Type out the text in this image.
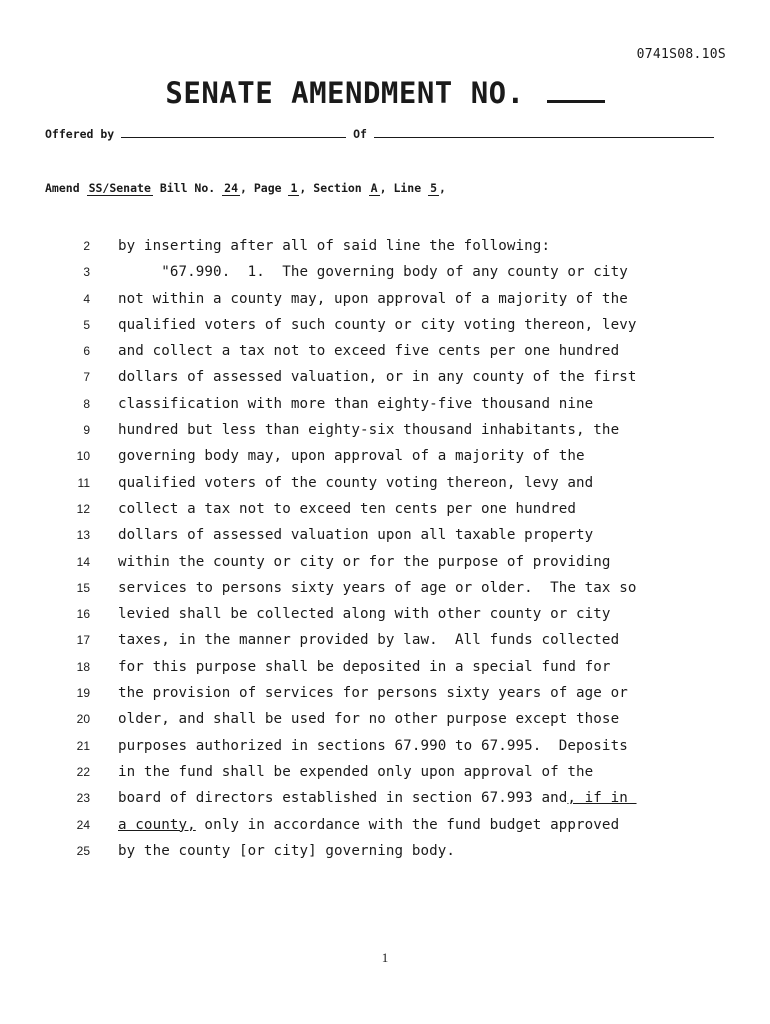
0741S08.10S
SENATE AMENDMENT NO.
Offered by	Of
Amend SS/Senate Bill No. 24 , Page 1 , Section A , Line 5 ,
2 by inserting after all of said line the following:
3 "67.990.  1.  The governing body of any county or city
4 not within a county may, upon approval of a majority of the
5 qualified voters of such county or city voting thereon, levy
6 and collect a tax not to exceed five cents per one hundred
7 dollars of assessed valuation, or in any county of the first
8 classification with more than eighty-five thousand nine
9 hundred but less than eighty-six thousand inhabitants, the
10 governing body may, upon approval of a majority of the
11 qualified voters of the county voting thereon, levy and
12 collect a tax not to exceed ten cents per one hundred
13 dollars of assessed valuation upon all taxable property
14 within the county or city or for the purpose of providing
15 services to persons sixty years of age or older.  The tax so
16 levied shall be collected along with other county or city
17 taxes, in the manner provided by law.  All funds collected
18 for this purpose shall be deposited in a special fund for
19 the provision of services for persons sixty years of age or
20 older, and shall be used for no other purpose except those
21 purposes authorized in sections 67.990 to 67.995.  Deposits
22 in the fund shall be expended only upon approval of the
23 board of directors established in section 67.993 and, if in
24 a county, only in accordance with the fund budget approved
25 by the county [or city] governing body.
1
